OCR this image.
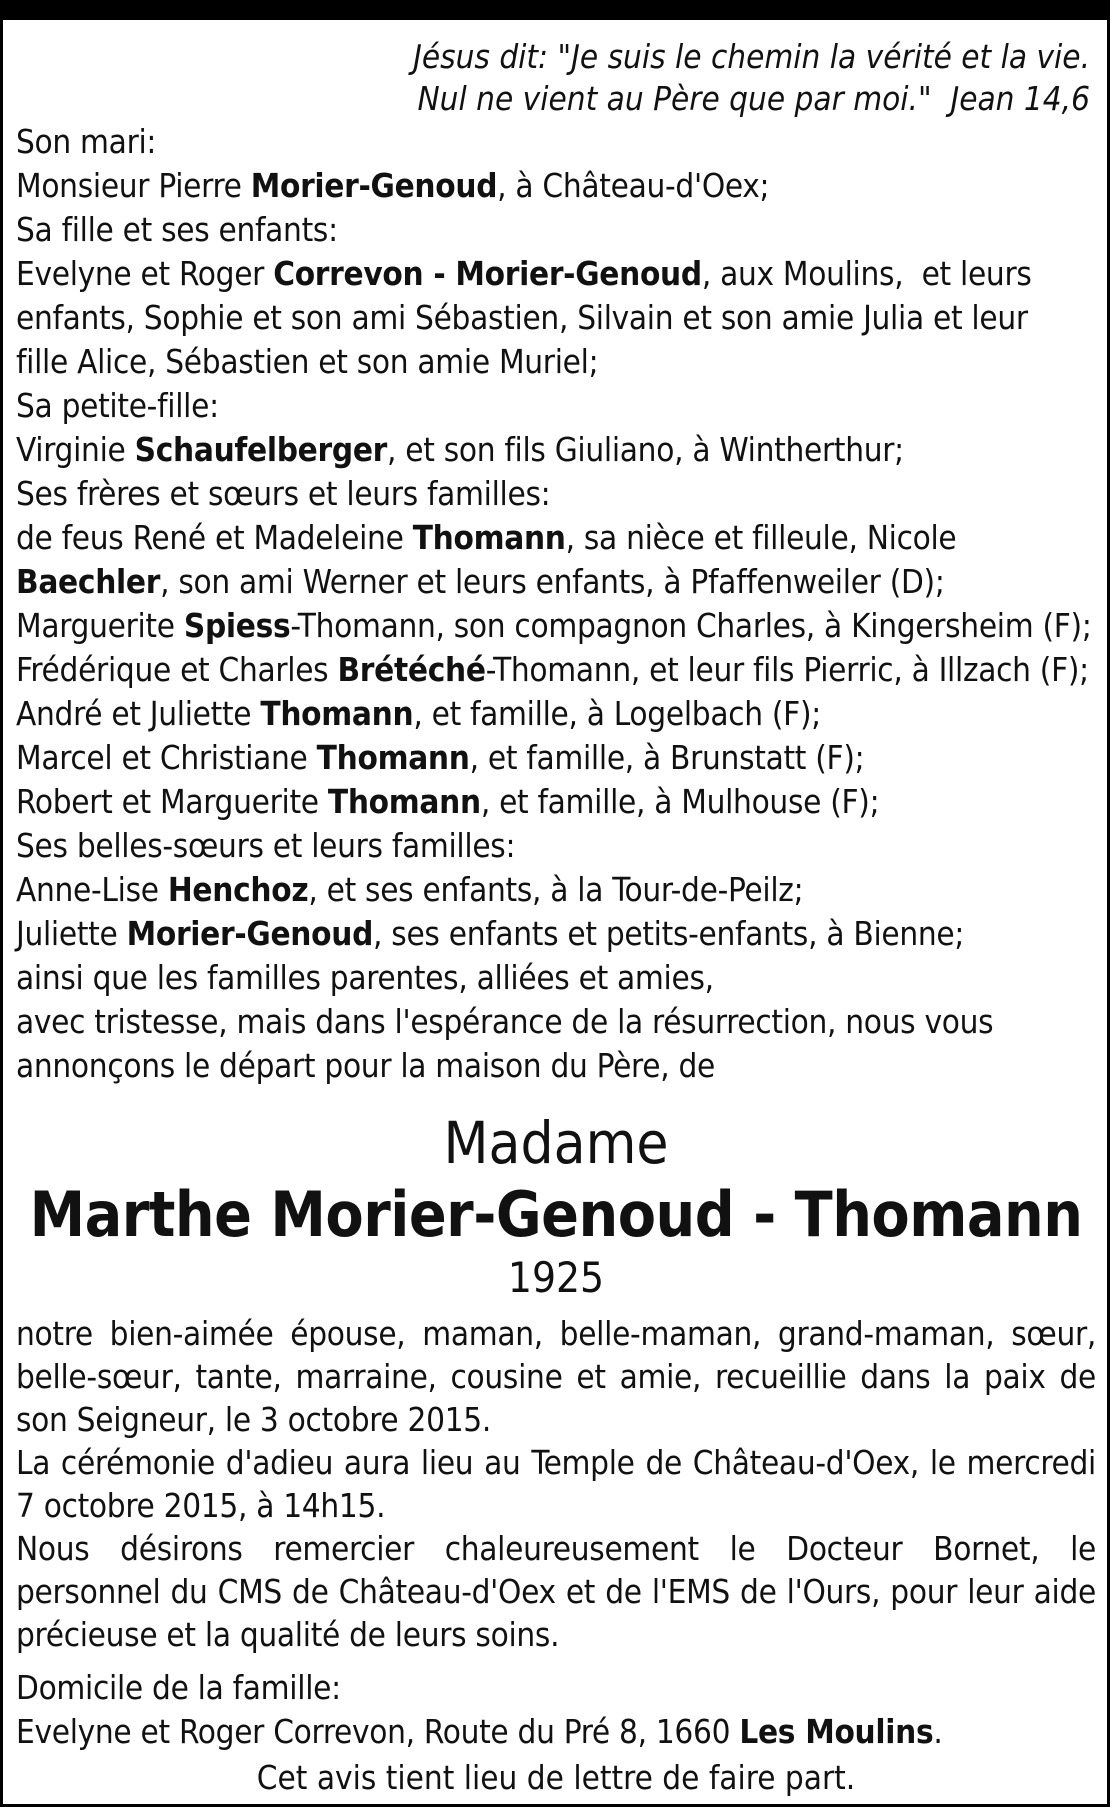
Jésus dit: "Je suis le chemin la vérité et la vie.
Nul ne vient au Père que par moi."  Jean 14,6
Son mari:
Monsieur Pierre Morier-Genoud, à Château-d'Oex;
Sa fille et ses enfants:
Evelyne et Roger Correvon - Morier-Genoud, aux Moulins,  et leurs
enfants, Sophie et son ami Sébastien, Silvain et son amie Julia et leur
fille Alice, Sébastien et son amie Muriel;
Sa petite-fille:
Virginie Schaufelberger, et son fils Giuliano, à Wintherthur;
Ses frères et sœurs et leurs familles:
de feus René et Madeleine Thomann, sa nièce et filleule, Nicole
Baechler, son ami Werner et leurs enfants, à Pfaffenweiler (D);
Marguerite Spiess-Thomann, son compagnon Charles, à Kingersheim (F);
Frédérique et Charles Brétéché-Thomann, et leur fils Pierric, à Illzach (F);
André et Juliette Thomann, et famille, à Logelbach (F);
Marcel et Christiane Thomann, et famille, à Brunstatt (F);
Robert et Marguerite Thomann, et famille, à Mulhouse (F);
Ses belles-sœurs et leurs familles:
Anne-Lise Henchoz, et ses enfants, à la Tour-de-Peilz;
Juliette Morier-Genoud, ses enfants et petits-enfants, à Bienne;
ainsi que les familles parentes, alliées et amies,
avec tristesse, mais dans l'espérance de la résurrection, nous vous
annonçons le départ pour la maison du Père, de
Madame
Marthe Morier-Genoud - Thomann
1925
notre bien-aimée épouse, maman, belle-maman, grand-maman, sœur, belle-sœur, tante, marraine, cousine et amie, recueillie dans la paix de son Seigneur, le 3 octobre 2015.
La cérémonie d'adieu aura lieu au Temple de Château-d'Oex, le mercredi 7 octobre 2015, à 14h15.
Nous désirons remercier chaleureusement le Docteur Bornet, le personnel du CMS de Château-d'Oex et de l'EMS de l'Ours, pour leur aide précieuse et la qualité de leurs soins.
Domicile de la famille:
Evelyne et Roger Correvon, Route du Pré 8, 1660 Les Moulins.
Cet avis tient lieu de lettre de faire part.
